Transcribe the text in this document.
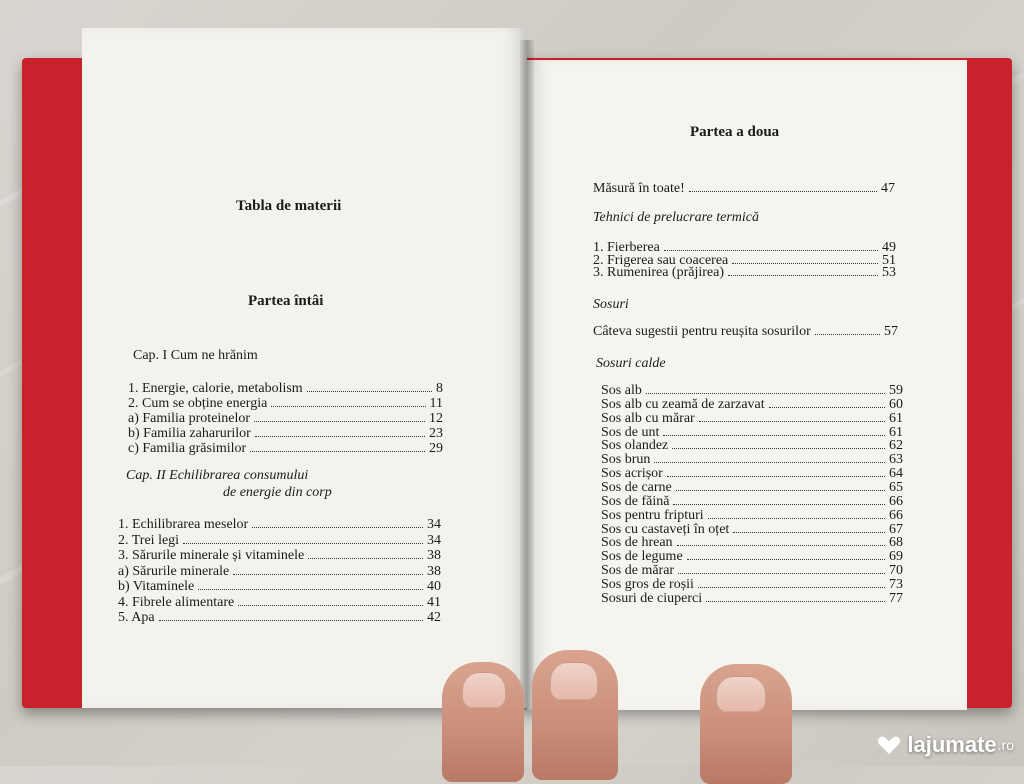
Tabla de materii
Partea întâi
Cap. I Cum ne hrănim
1. Energie, calorie, metabolism	8
2. Cum se obține energia	11
a) Familia proteinelor	12
b) Familia zaharurilor	23
c) Familia grăsimilor	29
Cap. II Echilibrarea consumului
de energie din corp
1. Echilibrarea meselor	34
2. Trei legi	34
3. Sărurile minerale și vitaminele	38
a) Sărurile minerale	38
b) Vitaminele	40
4. Fibrele alimentare	41
5. Apa	42
Partea a doua
Măsură în toate!	47
Tehnici de prelucrare termică
1. Fierberea	49
2. Frigerea sau coacerea	51
3. Rumenirea (prăjirea)	53
Sosuri
Câteva sugestii pentru reușita sosurilor	57
Sosuri calde
Sos alb	59
Sos alb cu zeamă de zarzavat	60
Sos alb cu mărar	61
Sos de unt	61
Sos olandez	62
Sos brun	63
Sos acrișor	64
Sos de carne	65
Sos de făină	66
Sos pentru fripturi	66
Sos cu castaveți în oțet	67
Sos de hrean	68
Sos de legume	69
Sos de mărar	70
Sos gros de roșii	73
Sosuri de ciuperci	77
lajumate .ro
